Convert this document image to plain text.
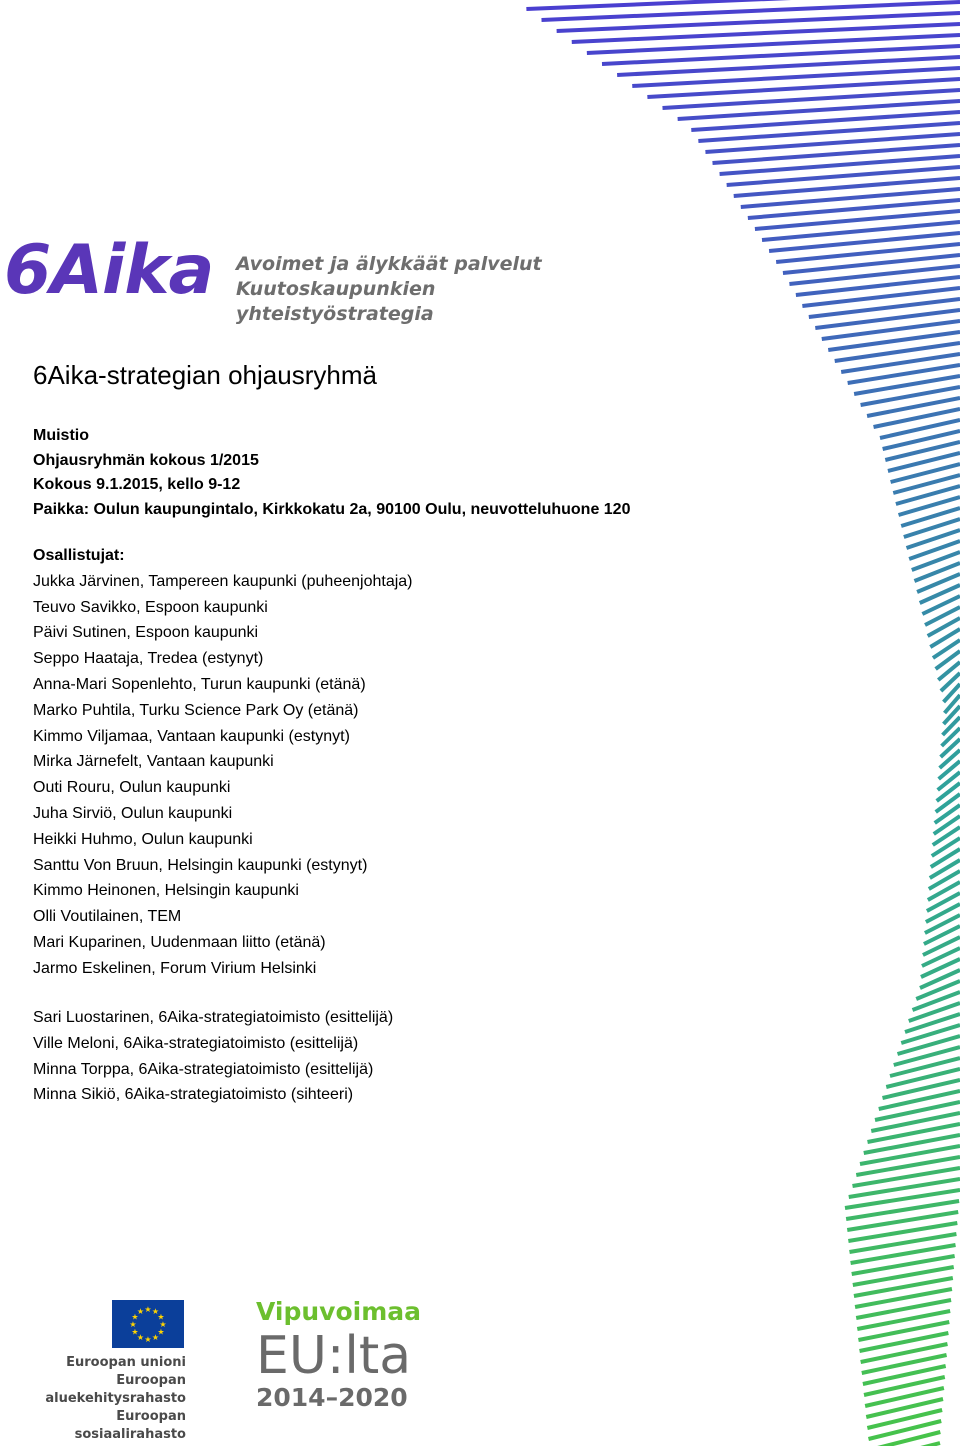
6Aika Avoimet ja älykkäät palvelut
Kuutoskaupunkien yhteistyöstrategia
6Aika-strategian ohjausryhmä
Muistio
Ohjausryhmän kokous 1/2015
Kokous 9.1.2015, kello 9-12
Paikka: Oulun kaupungintalo, Kirkkokatu 2a, 90100 Oulu, neuvotteluhuone 120
Osallistujat:
Jukka Järvinen, Tampereen kaupunki (puheenjohtaja)
Teuvo Savikko, Espoon kaupunki
Päivi Sutinen, Espoon kaupunki
Seppo Haataja, Tredea (estynyt)
Anna-Mari Sopenlehto, Turun kaupunki (etänä)
Marko Puhtila, Turku Science Park Oy (etänä)
Kimmo Viljamaa, Vantaan kaupunki (estynyt)
Mirka Järnefelt, Vantaan kaupunki
Outi Rouru, Oulun kaupunki
Juha Sirviö, Oulun kaupunki
Heikki Huhmo, Oulun kaupunki
Santtu Von Bruun, Helsingin kaupunki (estynyt)
Kimmo Heinonen, Helsingin kaupunki
Olli Voutilainen, TEM
Mari Kuparinen, Uudenmaan liitto (etänä)
Jarmo Eskelinen, Forum Virium Helsinki
Sari Luostarinen, 6Aika-strategiatoimisto (esittelijä)
Ville Meloni, 6Aika-strategiatoimisto (esittelijä)
Minna Torppa, 6Aika-strategiatoimisto (esittelijä)
Minna Sikiö, 6Aika-strategiatoimisto (sihteeri)
★
★
★
★
★
★
★
★
★ ★ ★
★
Euroopan unioni
Euroopan aluekehitysrahasto
Euroopan sosiaalirahasto
Vipuvoimaa
EU:lta
2014–2020
